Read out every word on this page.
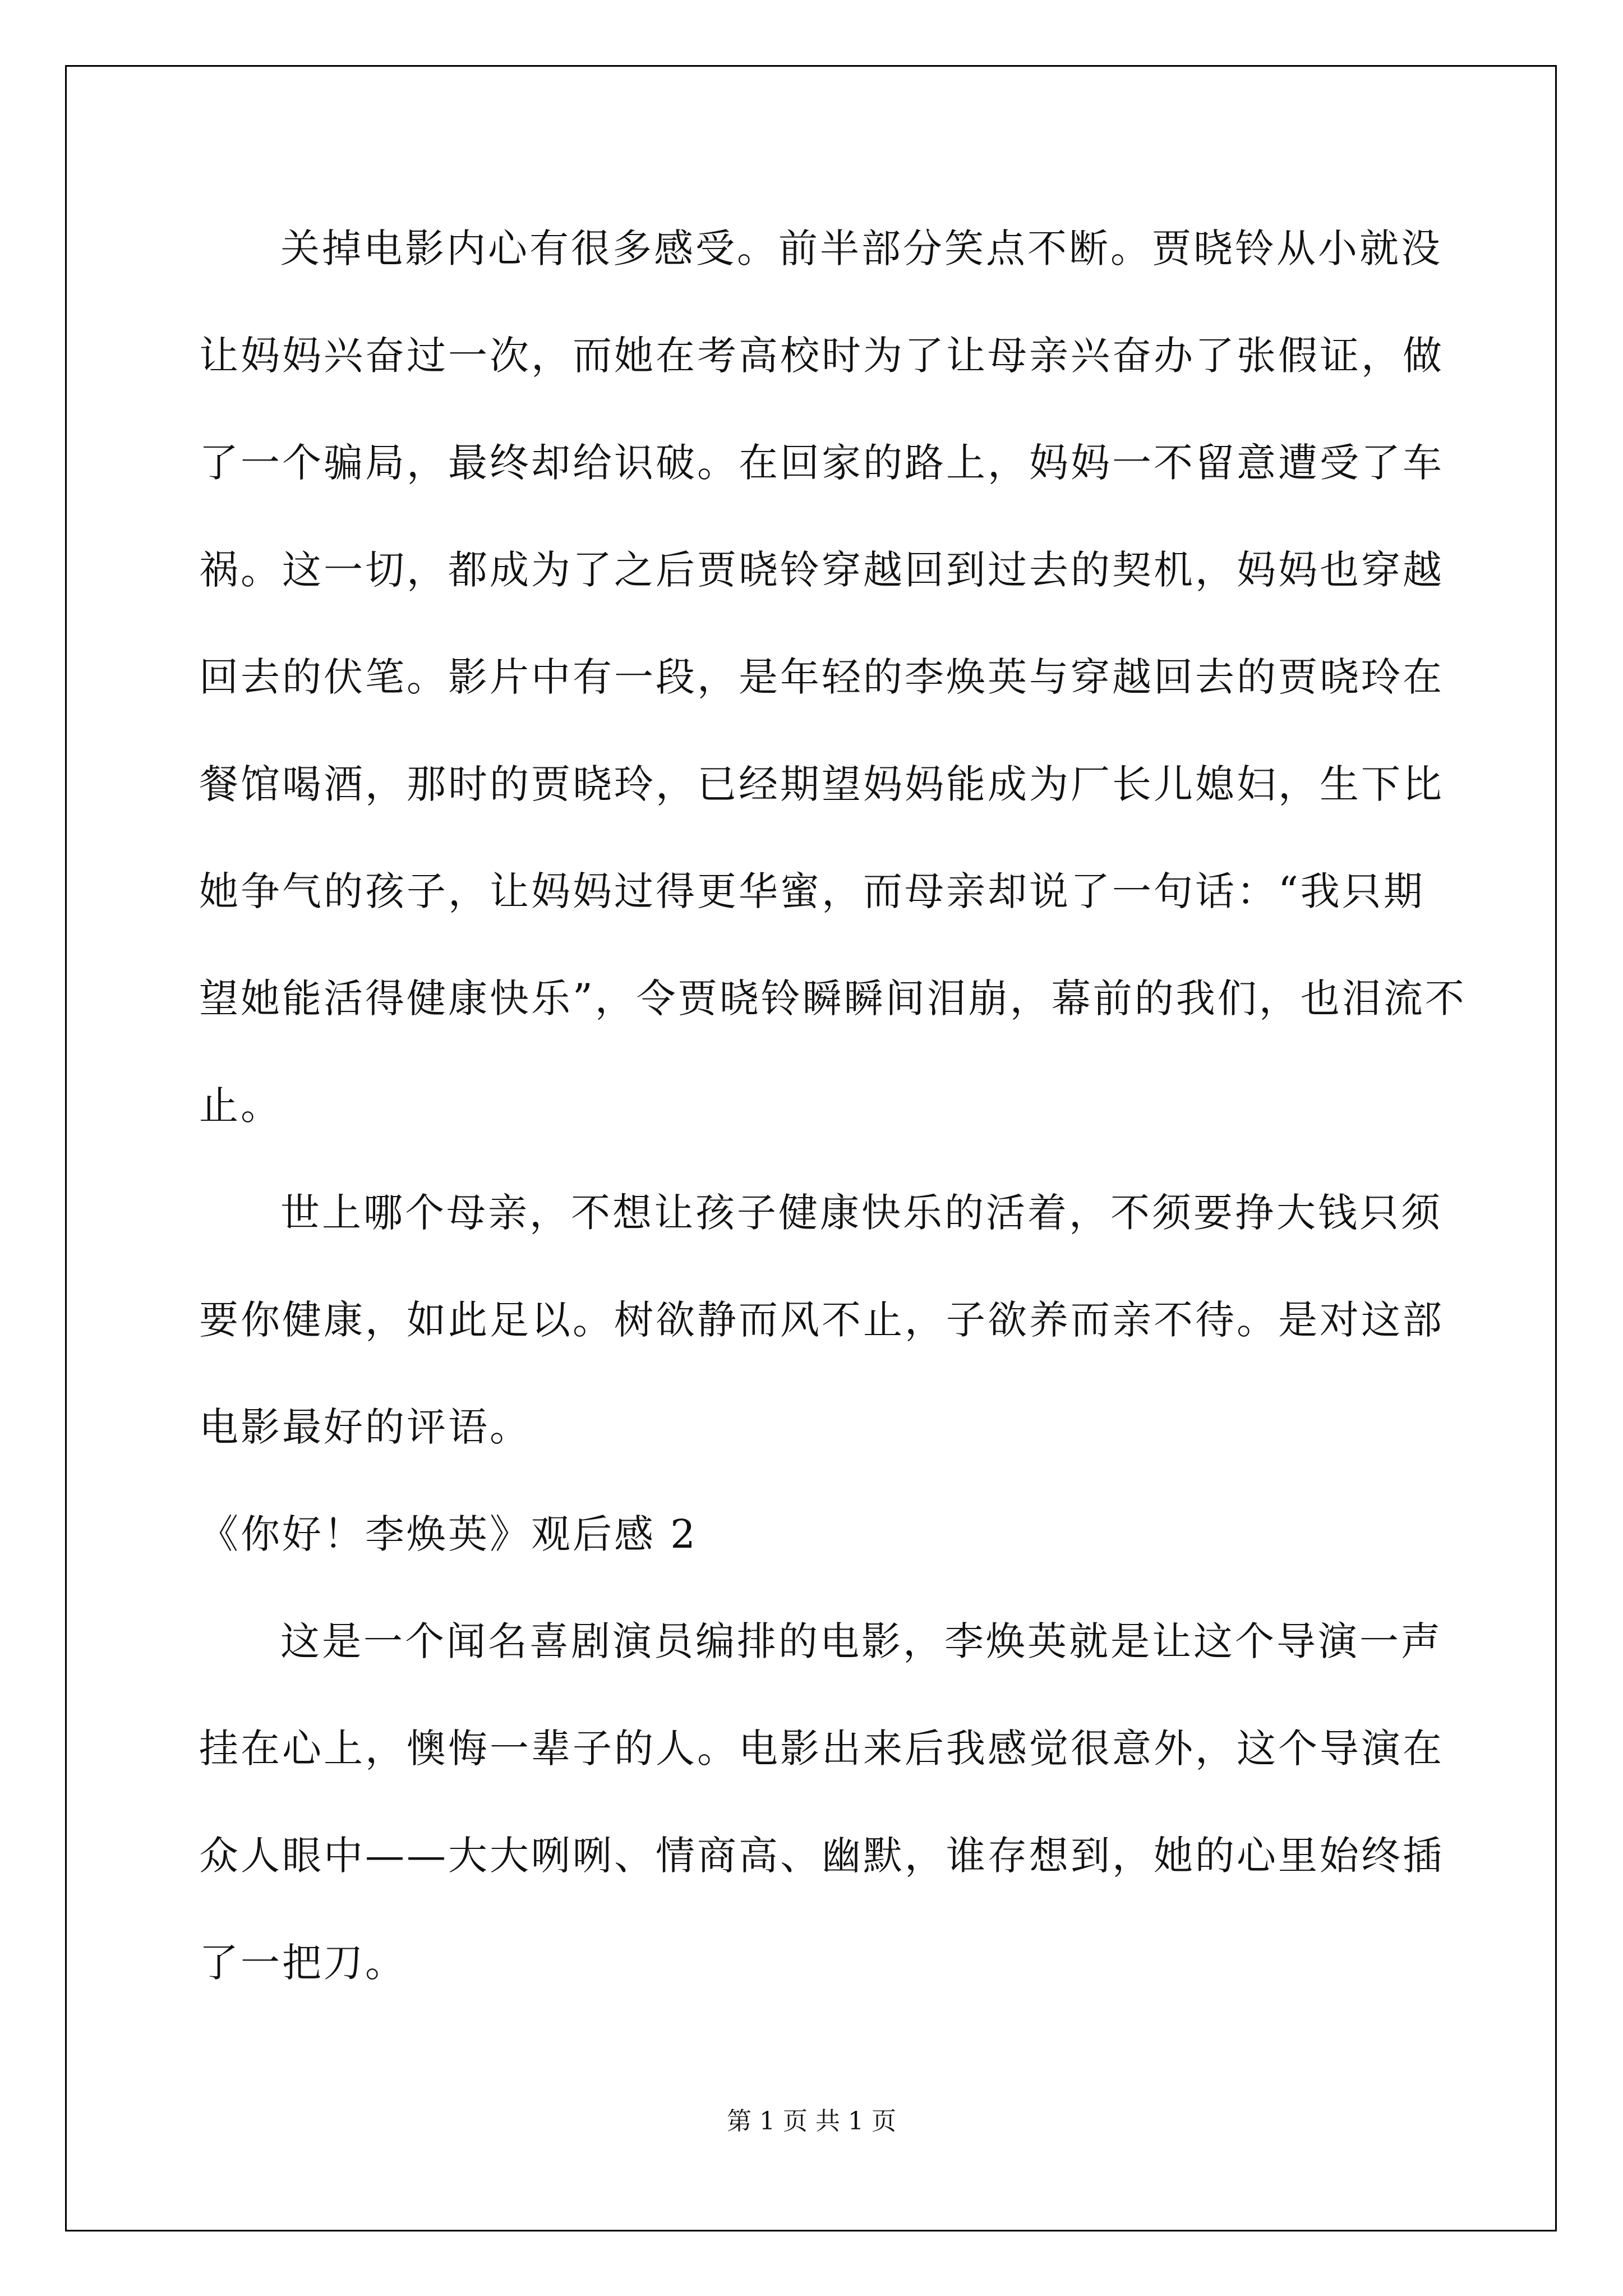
关掉电影内心有很多感受。前半部分笑点不断。贾晓铃从小就没
让妈妈兴奋过一次，而她在考高校时为了让母亲兴奋办了张假证，做
了一个骗局，最终却给识破。在回家的路上，妈妈一不留意遭受了车
祸。这一切，都成为了之后贾晓铃穿越回到过去的契机，妈妈也穿越
回去的伏笔。影片中有一段，是年轻的李焕英与穿越回去的贾晓玲在
餐馆喝酒，那时的贾晓玲，已经期望妈妈能成为厂长儿媳妇，生下比
她争气的孩子，让妈妈过得更华蜜，而母亲却说了一句话：“我只期
望她能活得健康快乐”，令贾晓铃瞬瞬间泪崩，幕前的我们，也泪流不
止。
世上哪个母亲，不想让孩子健康快乐的活着，不须要挣大钱只须
要你健康，如此足以。树欲静而风不止，子欲养而亲不待。是对这部
电影最好的评语。
《你好！李焕英》观后感 2
这是一个闻名喜剧演员编排的电影，李焕英就是让这个导演一声
挂在心上，懊悔一辈子的人。电影出来后我感觉很意外，这个导演在
众人眼中——大大咧咧、情商高、幽默，谁存想到，她的心里始终插
了一把刀。
第 1 页 共 1 页
